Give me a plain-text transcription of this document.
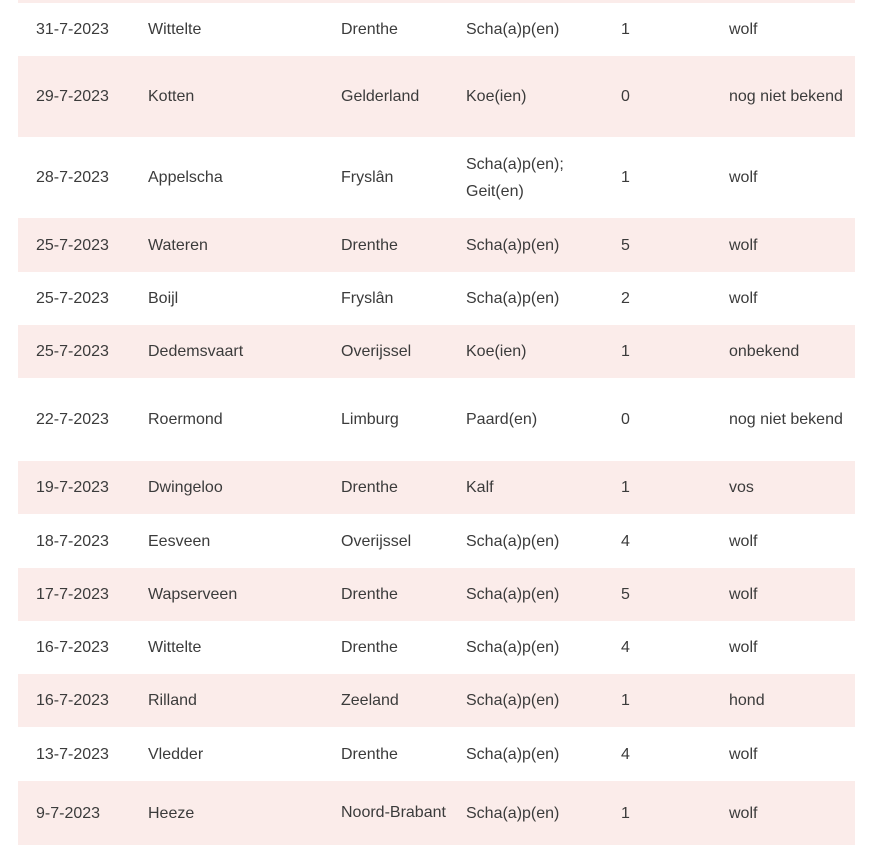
31-7-2023	Wittelte	Drenthe	Scha(a)p(en)	1	wolf
29-7-2023	Kotten	Gelderland	Koe(ien)	0	nog niet bekend
28-7-2023	Appelscha	Fryslân	Scha(a)p(en); Geit(en)	1	wolf
25-7-2023	Wateren	Drenthe	Scha(a)p(en)	5	wolf
25-7-2023	Boijl	Fryslân	Scha(a)p(en)	2	wolf
25-7-2023	Dedemsvaart	Overijssel	Koe(ien)	1	onbekend
22-7-2023	Roermond	Limburg	Paard(en)	0	nog niet bekend
19-7-2023	Dwingeloo	Drenthe	Kalf	1	vos
18-7-2023	Eesveen	Overijssel	Scha(a)p(en)	4	wolf
17-7-2023	Wapserveen	Drenthe	Scha(a)p(en)	5	wolf
16-7-2023	Wittelte	Drenthe	Scha(a)p(en)	4	wolf
16-7-2023	Rilland	Zeeland	Scha(a)p(en)	1	hond
13-7-2023	Vledder	Drenthe	Scha(a)p(en)	4	wolf
9-7-2023	Heeze	Noord-Brabant	Scha(a)p(en)	1	wolf
